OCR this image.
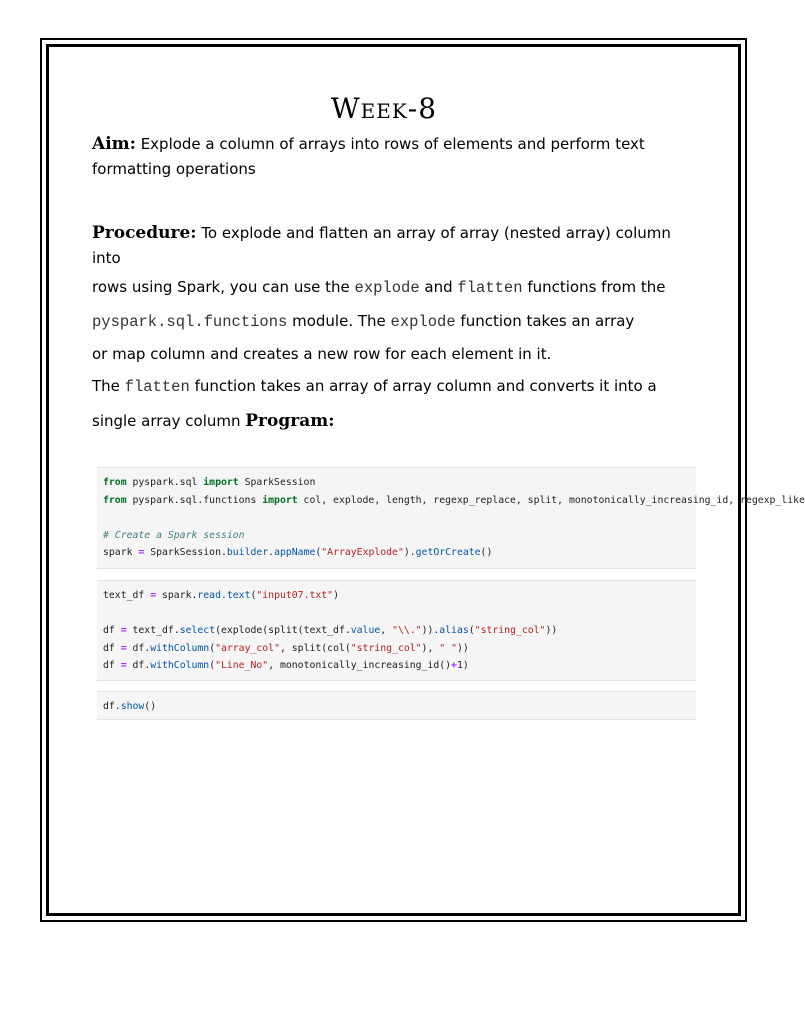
Week-8
Aim: Explode a column of arrays into rows of elements and perform text formatting operations
Procedure: To explode and flatten an array of array (nested array) column into
rows using Spark, you can use the explode and flatten functions from the
pyspark.sql.functions module. The explode function takes an array
or map column and creates a new row for each element in it.
The flatten function takes an array of array column and converts it into a
single array column Program:
from pyspark.sql import SparkSession
from pyspark.sql.functions import col, explode, length, regexp_replace, split, monotonically_increasing_id, regexp_like

# Create a Spark session
spark = SparkSession.builder.appName("ArrayExplode").getOrCreate()
text_df = spark.read.text("input07.txt")

df = text_df.select(explode(split(text_df.value, "\\.")).alias("string_col"))
df = df.withColumn("array_col", split(col("string_col"), " "))
df = df.withColumn("Line_No", monotonically_increasing_id()+1)
df.show()
